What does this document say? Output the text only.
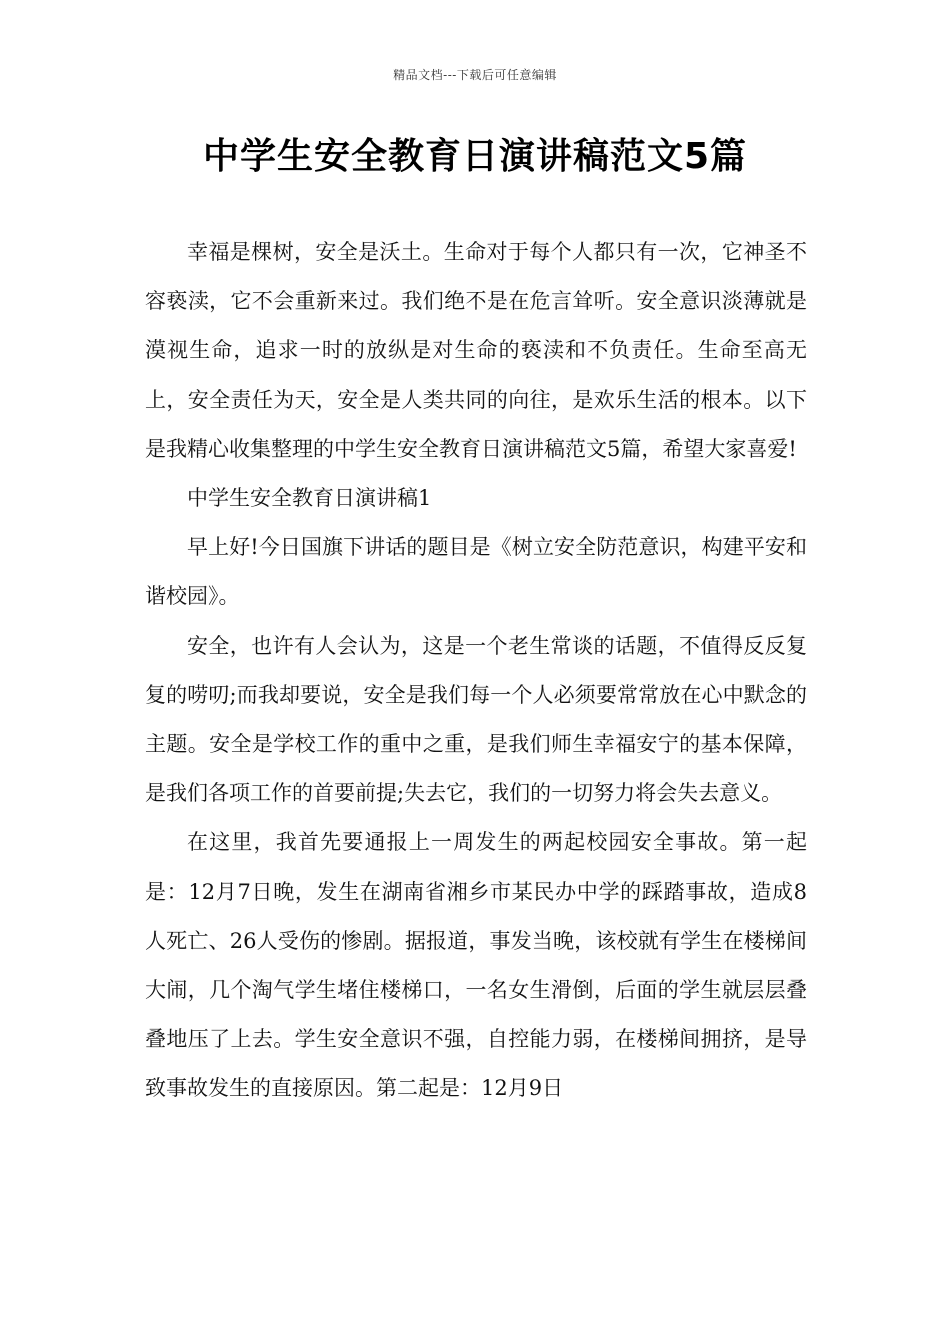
精品文档---下载后可任意编辑
中学生安全教育日演讲稿范文5篇

幸福是棵树，安全是沃土。生命对于每个人都只有一次，它神圣不容亵渎，它不会重新来过。我们绝不是在危言耸听。安全意识淡薄就是漠视生命，追求一时的放纵是对生命的亵渎和不负责任。生命至高无上，安全责任为天，安全是人类共同的向往，是欢乐生活的根本。以下是我精心收集整理的中学生安全教育日演讲稿范文5篇，希望大家喜爱!

中学生安全教育日演讲稿1

早上好!今日国旗下讲话的题目是《树立安全防范意识，构建平安和谐校园》。

安全，也许有人会认为，这是一个老生常谈的话题，不值得反反复复的唠叨;而我却要说，安全是我们每一个人必须要常常放在心中默念的主题。安全是学校工作的重中之重，是我们师生幸福安宁的基本保障，是我们各项工作的首要前提;失去它，我们的一切努力将会失去意义。

在这里，我首先要通报上一周发生的两起校园安全事故。第一起是：12月7日晚，发生在湖南省湘乡市某民办中学的踩踏事故，造成8人死亡、26人受伤的惨剧。据报道，事发当晚，该校就有学生在楼梯间大闹，几个淘气学生堵住楼梯口，一名女生滑倒，后面的学生就层层叠叠地压了上去。学生安全意识不强，自控能力弱，在楼梯间拥挤，是导致事故发生的直接原因。第二起是：12月9日
